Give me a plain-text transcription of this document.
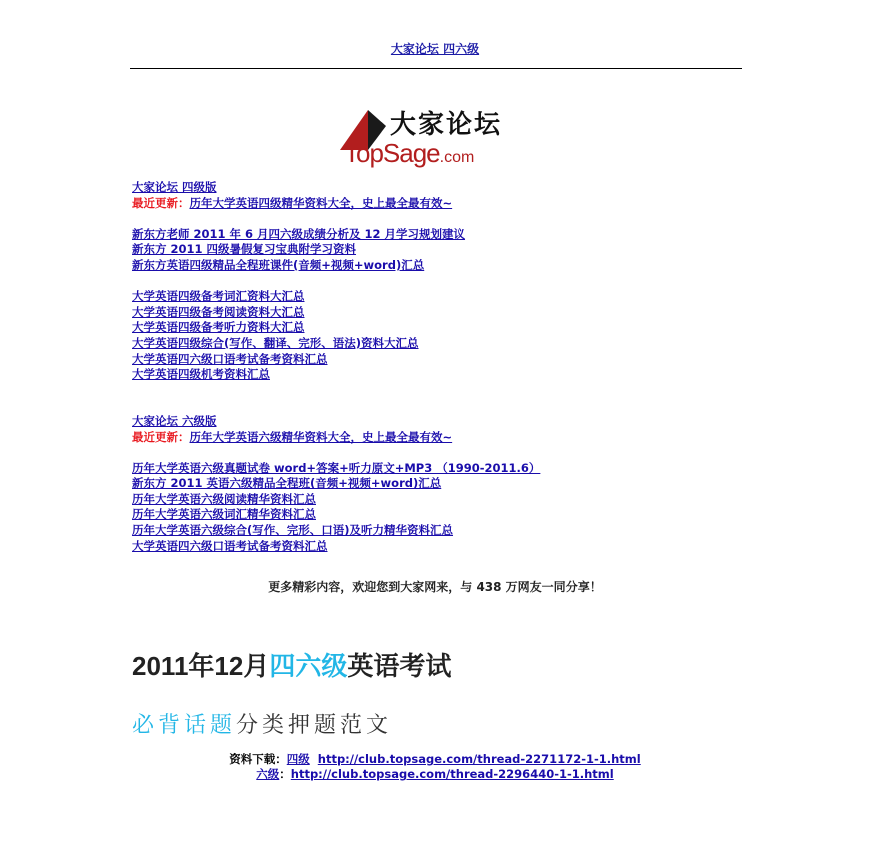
大家论坛 四六级
大家论坛
TopSage.com
大家论坛 四级版
最近更新：历年大学英语四级精华资料大全，史上最全最有效~
新东方老师 2011 年 6 月四六级成绩分析及 12 月学习规划建议
新东方 2011 四级暑假复习宝典附学习资料
新东方英语四级精品全程班课件(音频+视频+word)汇总
大学英语四级备考词汇资料大汇总
大学英语四级备考阅读资料大汇总
大学英语四级备考听力资料大汇总
大学英语四级综合(写作、翻译、完形、语法)资料大汇总
大学英语四六级口语考试备考资料汇总
大学英语四级机考资料汇总
大家论坛 六级版
最近更新：历年大学英语六级精华资料大全，史上最全最有效~
历年大学英语六级真题试卷 word+答案+听力原文+MP3 （1990-2011.6）
新东方 2011 英语六级精品全程班(音频+视频+word)汇总
历年大学英语六级阅读精华资料汇总
历年大学英语六级词汇精华资料汇总
历年大学英语六级综合(写作、完形、口语)及听力精华资料汇总
大学英语四六级口语考试备考资料汇总
更多精彩内容，欢迎您到大家网来，与 438 万网友一同分享！
2011年12月四六级英语考试
必背话题分类押题范文
资料下载：四级 http://club.topsage.com/thread-2271172-1-1.html
六级：http://club.topsage.com/thread-2296440-1-1.html
